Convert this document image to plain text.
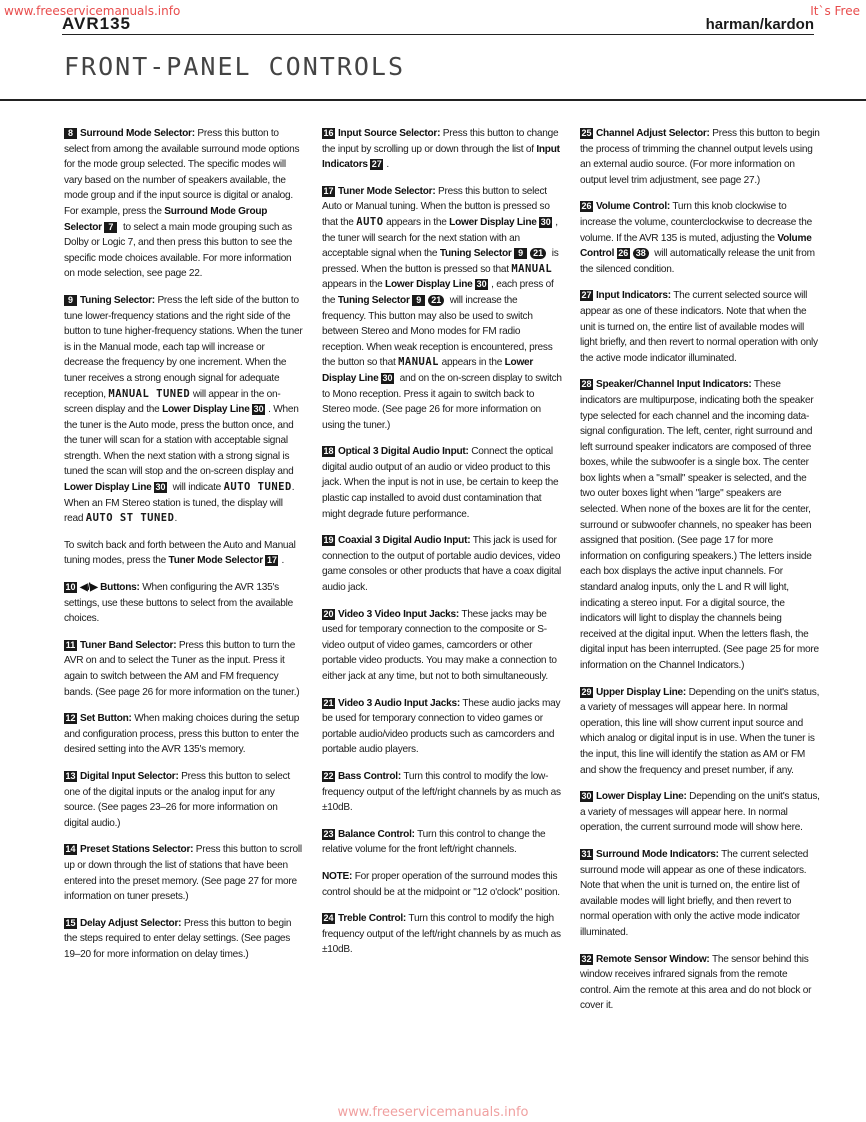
www.freeservicemanuals.info	It`s Free
AVR135	harman/kardon
FRONT-PANEL CONTROLS

8 Surround Mode Selector: Press this button to select from among the available surround mode options for the mode group selected. The specific modes will vary based on the number of speakers available, the mode group and if the input source is digital or analog. For example, press the Surround Mode Group Selector 7 to select a main mode grouping such as Dolby or Logic 7, and then press this button to see the specific mode choices available. For more information on mode selection, see page 22.

9 Tuning Selector: Press the left side of the button to tune lower-frequency stations and the right side of the button to tune higher-frequency stations. When the tuner is in the Manual mode, each tap will increase or decrease the frequency by one increment. When the tuner receives a strong enough signal for adequate reception, MANUAL TUNED will appear in the on-screen display and the Lower Display Line 30 . When the tuner is the Auto mode, press the button once, and the tuner will scan for a station with acceptable signal strength. When the next station with a strong signal is tuned the scan will stop and the on-screen display and Lower Display Line 30 will indicate AUTO TUNED. When an FM Stereo station is tuned, the display will read AUTO ST TUNED.

To switch back and forth between the Auto and Manual tuning modes, press the Tuner Mode Selector 17 .

10 ◀/▶ Buttons: When configuring the AVR 135's settings, use these buttons to select from the available choices.

11 Tuner Band Selector: Press this button to turn the AVR on and to select the Tuner as the input. Press it again to switch between the AM and FM frequency bands. (See page 26 for more information on the tuner.)

12 Set Button: When making choices during the setup and configuration process, press this button to enter the desired setting into the AVR 135's memory.

13 Digital Input Selector: Press this button to select one of the digital inputs or the analog input for any source. (See pages 23–26 for more information on digital audio.)

14 Preset Stations Selector: Press this button to scroll up or down through the list of stations that have been entered into the preset memory. (See page 27 for more information on tuner presets.)

15 Delay Adjust Selector: Press this button to begin the steps required to enter delay settings. (See pages 19–20 for more information on delay times.)

16 Input Source Selector: Press this button to change the input by scrolling up or down through the list of Input Indicators 27 .

17 Tuner Mode Selector: Press this button to select Auto or Manual tuning. When the button is pressed so that the AUTO appears in the Lower Display Line 30 , the tuner will search for the next station with an acceptable signal when the Tuning Selector 9 21 is pressed. When the button is pressed so that MANUAL appears in the Lower Display Line 30 , each press of the Tuning Selector 9 21 will increase the frequency. This button may also be used to switch between Stereo and Mono modes for FM radio reception. When weak reception is encountered, press the button so that MANUAL appears in the Lower Display Line 30 and on the on-screen display to switch to Mono reception. Press it again to switch back to Stereo mode. (See page 26 for more information on using the tuner.)

18 Optical 3 Digital Audio Input: Connect the optical digital audio output of an audio or video product to this jack. When the input is not in use, be certain to keep the plastic cap installed to avoid dust contamination that might degrade future performance.

19 Coaxial 3 Digital Audio Input: This jack is used for connection to the output of portable audio devices, video game consoles or other products that have a coax digital audio jack.

20 Video 3 Video Input Jacks: These jacks may be used for temporary connection to the composite or S-video output of video games, camcorders or other portable video products. You may make a connection to either jack at any time, but not to both simultaneously.

21 Video 3 Audio Input Jacks: These audio jacks may be used for temporary connection to video games or portable audio/video products such as camcorders and portable audio players.

22 Bass Control: Turn this control to modify the low-frequency output of the left/right channels by as much as ±10dB.

23 Balance Control: Turn this control to change the relative volume for the front left/right channels.

NOTE: For proper operation of the surround modes this control should be at the midpoint or "12 o'clock" position.

24 Treble Control: Turn this control to modify the high frequency output of the left/right channels by as much as ±10dB.

25 Channel Adjust Selector: Press this button to begin the process of trimming the channel output levels using an external audio source. (For more information on output level trim adjustment, see page 27.)

26 Volume Control: Turn this knob clockwise to increase the volume, counterclockwise to decrease the volume. If the AVR 135 is muted, adjusting the Volume Control 26 38 will automatically release the unit from the silenced condition.

27 Input Indicators: The current selected source will appear as one of these indicators. Note that when the unit is turned on, the entire list of available modes will light briefly, and then revert to normal operation with only the active mode indicator illuminated.

28 Speaker/Channel Input Indicators: These indicators are multipurpose, indicating both the speaker type selected for each channel and the incoming data-signal configuration. The left, center, right surround and left surround speaker indicators are composed of three boxes, while the subwoofer is a single box. The center box lights when a "small" speaker is selected, and the two outer boxes light when "large" speakers are selected. When none of the boxes are lit for the center, surround or subwoofer channels, no speaker has been assigned that position. (See page 17 for more information on configuring speakers.) The letters inside each box displays the active input channels. For standard analog inputs, only the L and R will light, indicating a stereo input. For a digital source, the indicators will light to display the channels being received at the digital input. When the letters flash, the digital input has been interrupted. (See page 25 for more information on the Channel Indicators.)

29 Upper Display Line: Depending on the unit's status, a variety of messages will appear here. In normal operation, this line will show current input source and which analog or digital input is in use. When the tuner is the input, this line will identify the station as AM or FM and show the frequency and preset number, if any.

30 Lower Display Line: Depending on the unit's status, a variety of messages will appear here. In normal operation, the current surround mode will show here.

31 Surround Mode Indicators: The current selected surround mode will appear as one of these indicators. Note that when the unit is turned on, the entire list of available modes will light briefly, and then revert to normal operation with only the active mode indicator illuminated.

32 Remote Sensor Window: The sensor behind this window receives infrared signals from the remote control. Aim the remote at this area and do not block or cover it.

www.freeservicemanuals.info
